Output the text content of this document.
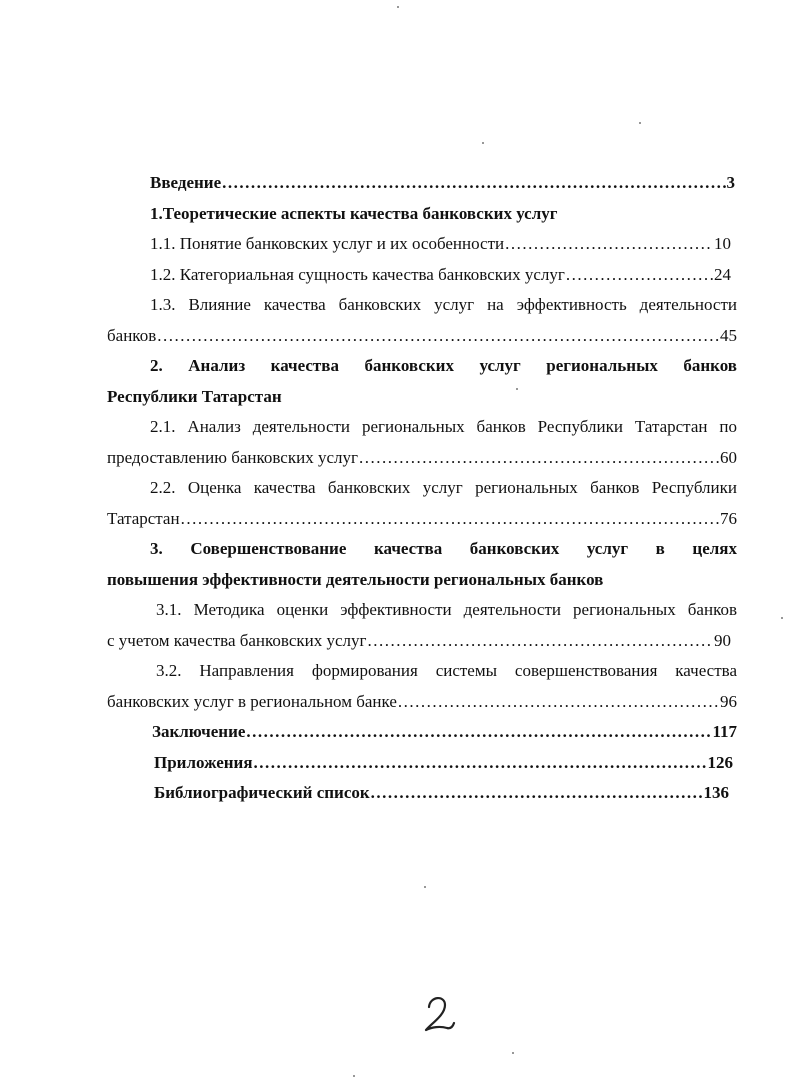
Введение .....	3
1.Теоретические аспекты качества банковских услуг
1.1. Понятие банковских услуг и их особенности .....	10
1.2. Категориальная сущность качества банковских услуг .....	24
1.3. Влияние качества банковских услуг на эффективность деятельности
банков .....	45
2. Анализ качества банковских услуг региональных банков
Республики Татарстан
2.1. Анализ деятельности региональных банков Республики Татарстан по
предоставлению банковских услуг .....	60
2.2. Оценка качества банковских услуг региональных банков Республики
Татарстан .....	76
3. Совершенствование качества банковских услуг в целях
повышения эффективности деятельности региональных банков
3.1. Методика оценки эффективности деятельности региональных банков
с учетом качества банковских услуг .....	90
3.2. Направления формирования системы совершенствования качества
банковских услуг в региональном банке .....	96
Заключение .....	117
Приложения .....	126
Библиографический список .....	136
